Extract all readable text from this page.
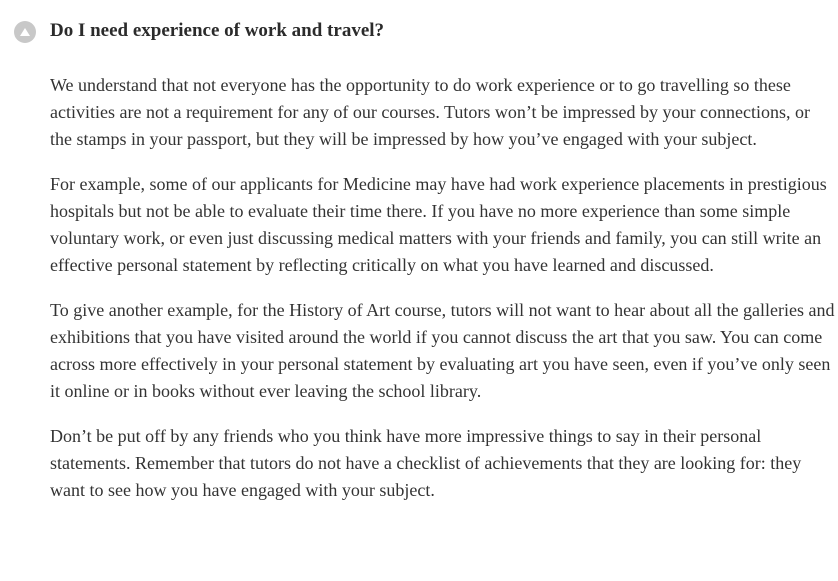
Do I need experience of work and travel?

We understand that not everyone has the opportunity to do work experience or to go travelling so these activities are not a requirement for any of our courses. Tutors won’t be impressed by your connections, or the stamps in your passport, but they will be impressed by how you’ve engaged with your subject.

For example, some of our applicants for Medicine may have had work experience placements in prestigious hospitals but not be able to evaluate their time there. If you have no more experience than some simple voluntary work, or even just discussing medical matters with your friends and family, you can still write an effective personal statement by reflecting critically on what you have learned and discussed.

To give another example, for the History of Art course, tutors will not want to hear about all the galleries and exhibitions that you have visited around the world if you cannot discuss the art that you saw. You can come across more effectively in your personal statement by evaluating art you have seen, even if you’ve only seen it online or in books without ever leaving the school library.

Don’t be put off by any friends who you think have more impressive things to say in their personal statements. Remember that tutors do not have a checklist of achievements that they are looking for: they want to see how you have engaged with your subject.
